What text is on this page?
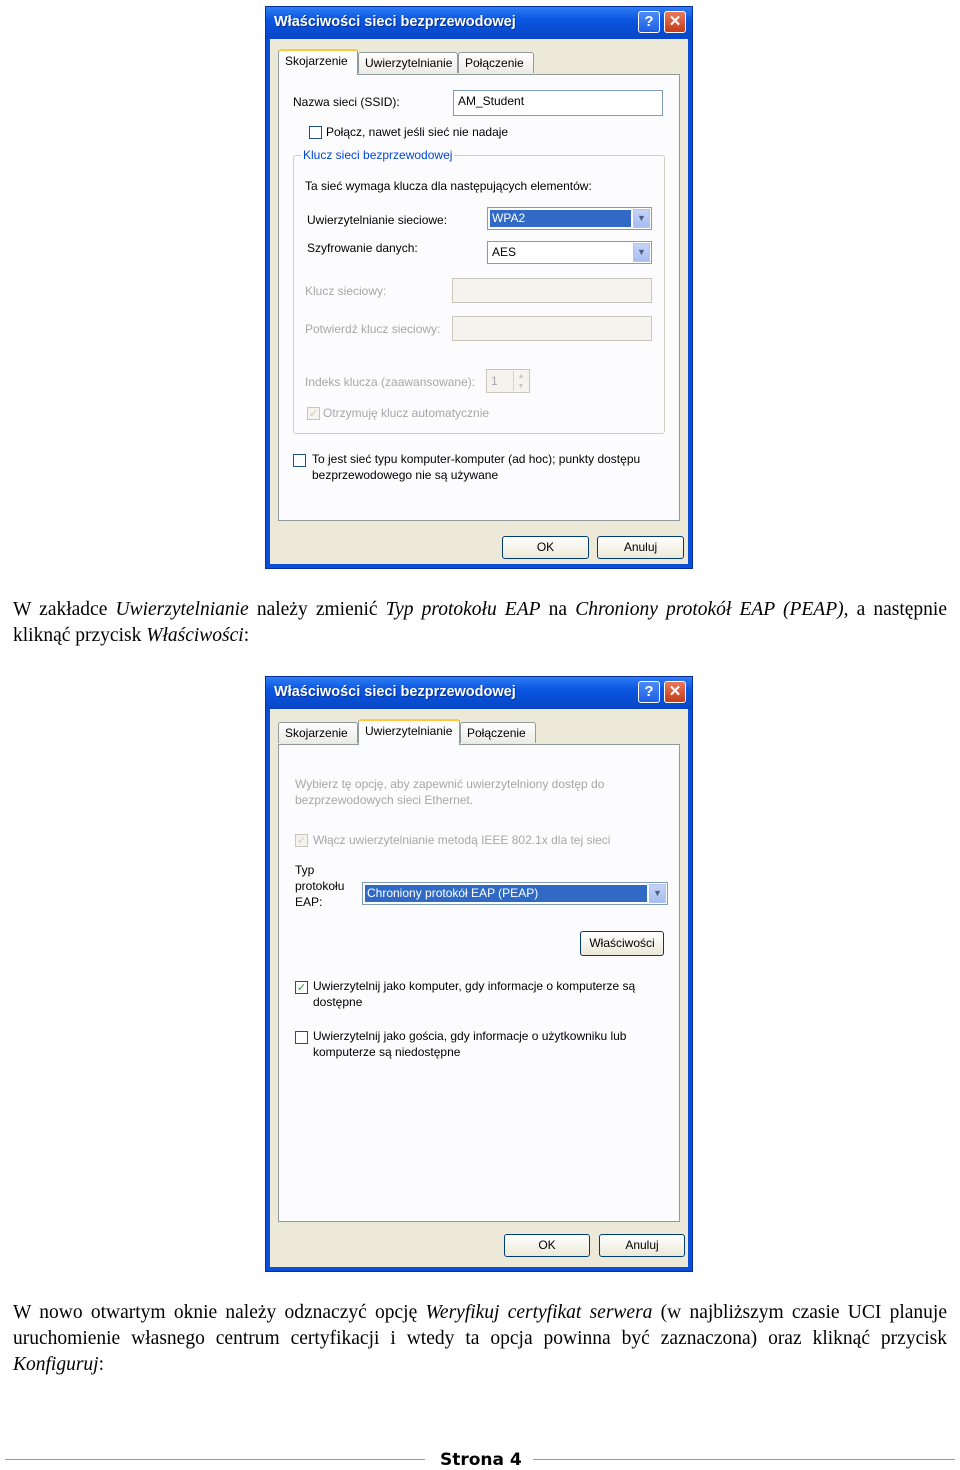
Właściwości sieci bezprzewodowej	?	✕
Skojarzenie	Uwierzytelnianie	Połączenie
Nazwa sieci (SSID):	AM_Student
Połącz, nawet jeśli sieć nie nadaje
Klucz sieci bezprzewodowej
Ta sieć wymaga klucza dla następujących elementów:
Uwierzytelnianie sieciowe:	WPA2	▼
Szyfrowanie danych:	AES	▼
Klucz sieciowy:
Potwierdź klucz sieciowy:
Indeks klucza (zaawansowane): 1	▲
▼
✓ Otrzymuję klucz automatycznie
To jest sieć typu komputer-komputer (ad hoc); punkty dostępu
bezprzewodowego nie są używane
OK	Anuluj
W zakładce Uwierzytelnianie należy zmienić Typ protokołu EAP na Chroniony protokół EAP (PEAP), a następnie kliknąć przycisk Właściwości:
Właściwości sieci bezprzewodowej	?	✕
Skojarzenie	Uwierzytelnianie	Połączenie
Wybierz tę opcję, aby zapewnić uwierzytelniony dostęp do
bezprzewodowych sieci Ethernet.
✓ Włącz uwierzytelnianie metodą IEEE 802.1x dla tej sieci
Typ
protokołu
EAP:
Chroniony protokół EAP (PEAP)	▼
Właściwości
✓ Uwierzytelnij jako komputer, gdy informacje o komputerze są
dostępne
Uwierzytelnij jako gościa, gdy informacje o użytkowniku lub
komputerze są niedostępne
OK	Anuluj
W nowo otwartym oknie należy odznaczyć opcję Weryfikuj certyfikat serwera (w najbliższym czasie UCI planuje uruchomienie własnego centrum certyfikacji i wtedy ta opcja powinna być zaznaczona) oraz kliknąć przycisk Konfiguruj:
Strona 4
